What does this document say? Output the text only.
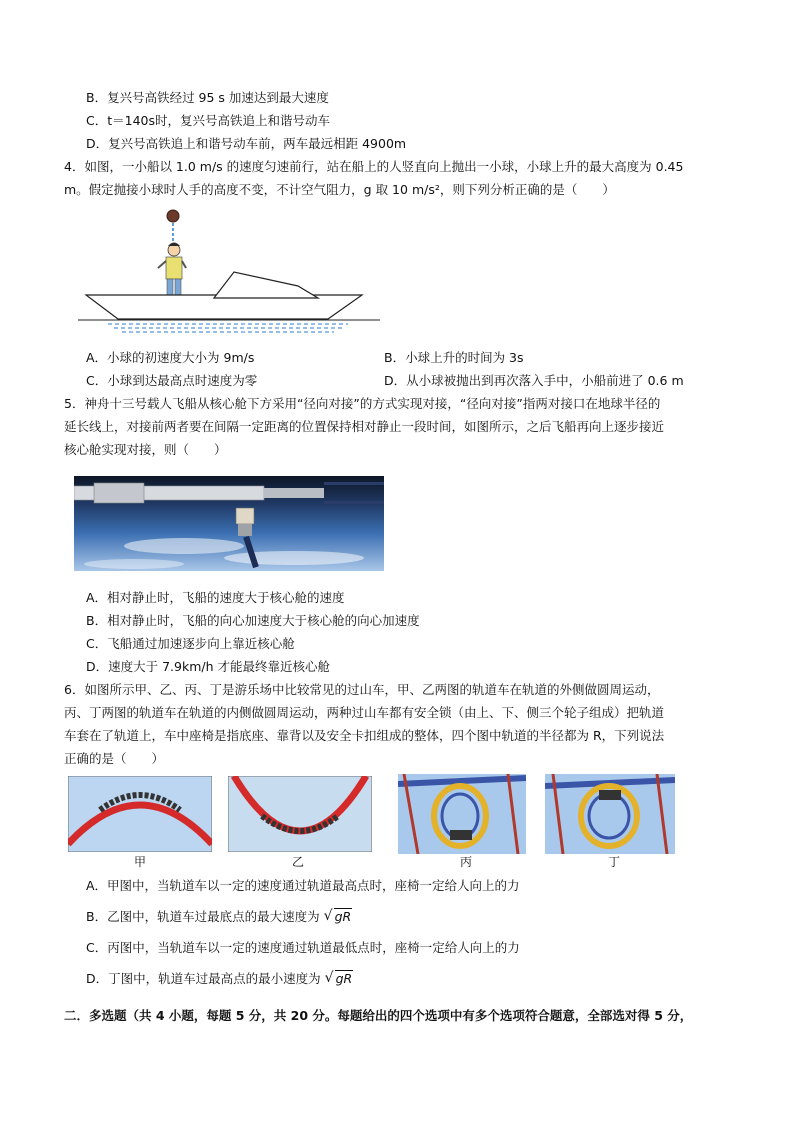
B．复兴号高铁经过 95 s 加速达到最大速度
C．t＝140s时，复兴号高铁追上和谐号动车
D．复兴号高铁追上和谐号动车前，两车最远相距 4900m
4．如图，一小船以 1.0 m/s 的速度匀速前行，站在船上的人竖直向上抛出一小球，小球上升的最大高度为 0.45
m。假定抛接小球时人手的高度不变，不计空气阻力，g 取 10 m/s²，则下列分析正确的是（　　）
A．小球的初速度大小为 9m/s	B．小球上升的时间为 3s
C．小球到达最高点时速度为零	D．从小球被抛出到再次落入手中，小船前进了 0.6 m
5．神舟十三号载人飞船从核心舱下方采用“径向对接”的方式实现对接，“径向对接”指两对接口在地球半径的
延长线上，对接前两者要在间隔一定距离的位置保持相对静止一段时间，如图所示，之后飞船再向上逐步接近
核心舱实现对接，则（　　）
A．相对静止时，飞船的速度大于核心舱的速度
B．相对静止时，飞船的向心加速度大于核心舱的向心加速度
C．飞船通过加速逐步向上靠近核心舱
D．速度大于 7.9km/h 才能最终靠近核心舱
6．如图所示甲、乙、丙、丁是游乐场中比较常见的过山车，甲、乙两图的轨道车在轨道的外侧做圆周运动，
丙、丁两图的轨道车在轨道的内侧做圆周运动，两种过山车都有安全锁（由上、下、侧三个轮子组成）把轨道
车套在了轨道上，车中座椅是指底座、靠背以及安全卡扣组成的整体，四个图中轨道的半径都为 R，下列说法
正确的是（　　）
甲	乙	丙	丁
A．甲图中，当轨道车以一定的速度通过轨道最高点时，座椅一定给人向上的力
B．乙图中，轨道车过最底点的最大速度为 √ gR
C．丙图中，当轨道车以一定的速度通过轨道最低点时，座椅一定给人向上的力
D．丁图中，轨道车过最高点的最小速度为 √ gR
二．多选题（共 4 小题，每题 5 分，共 20 分。每题给出的四个选项中有多个选项符合题意，全部选对得 5 分，
